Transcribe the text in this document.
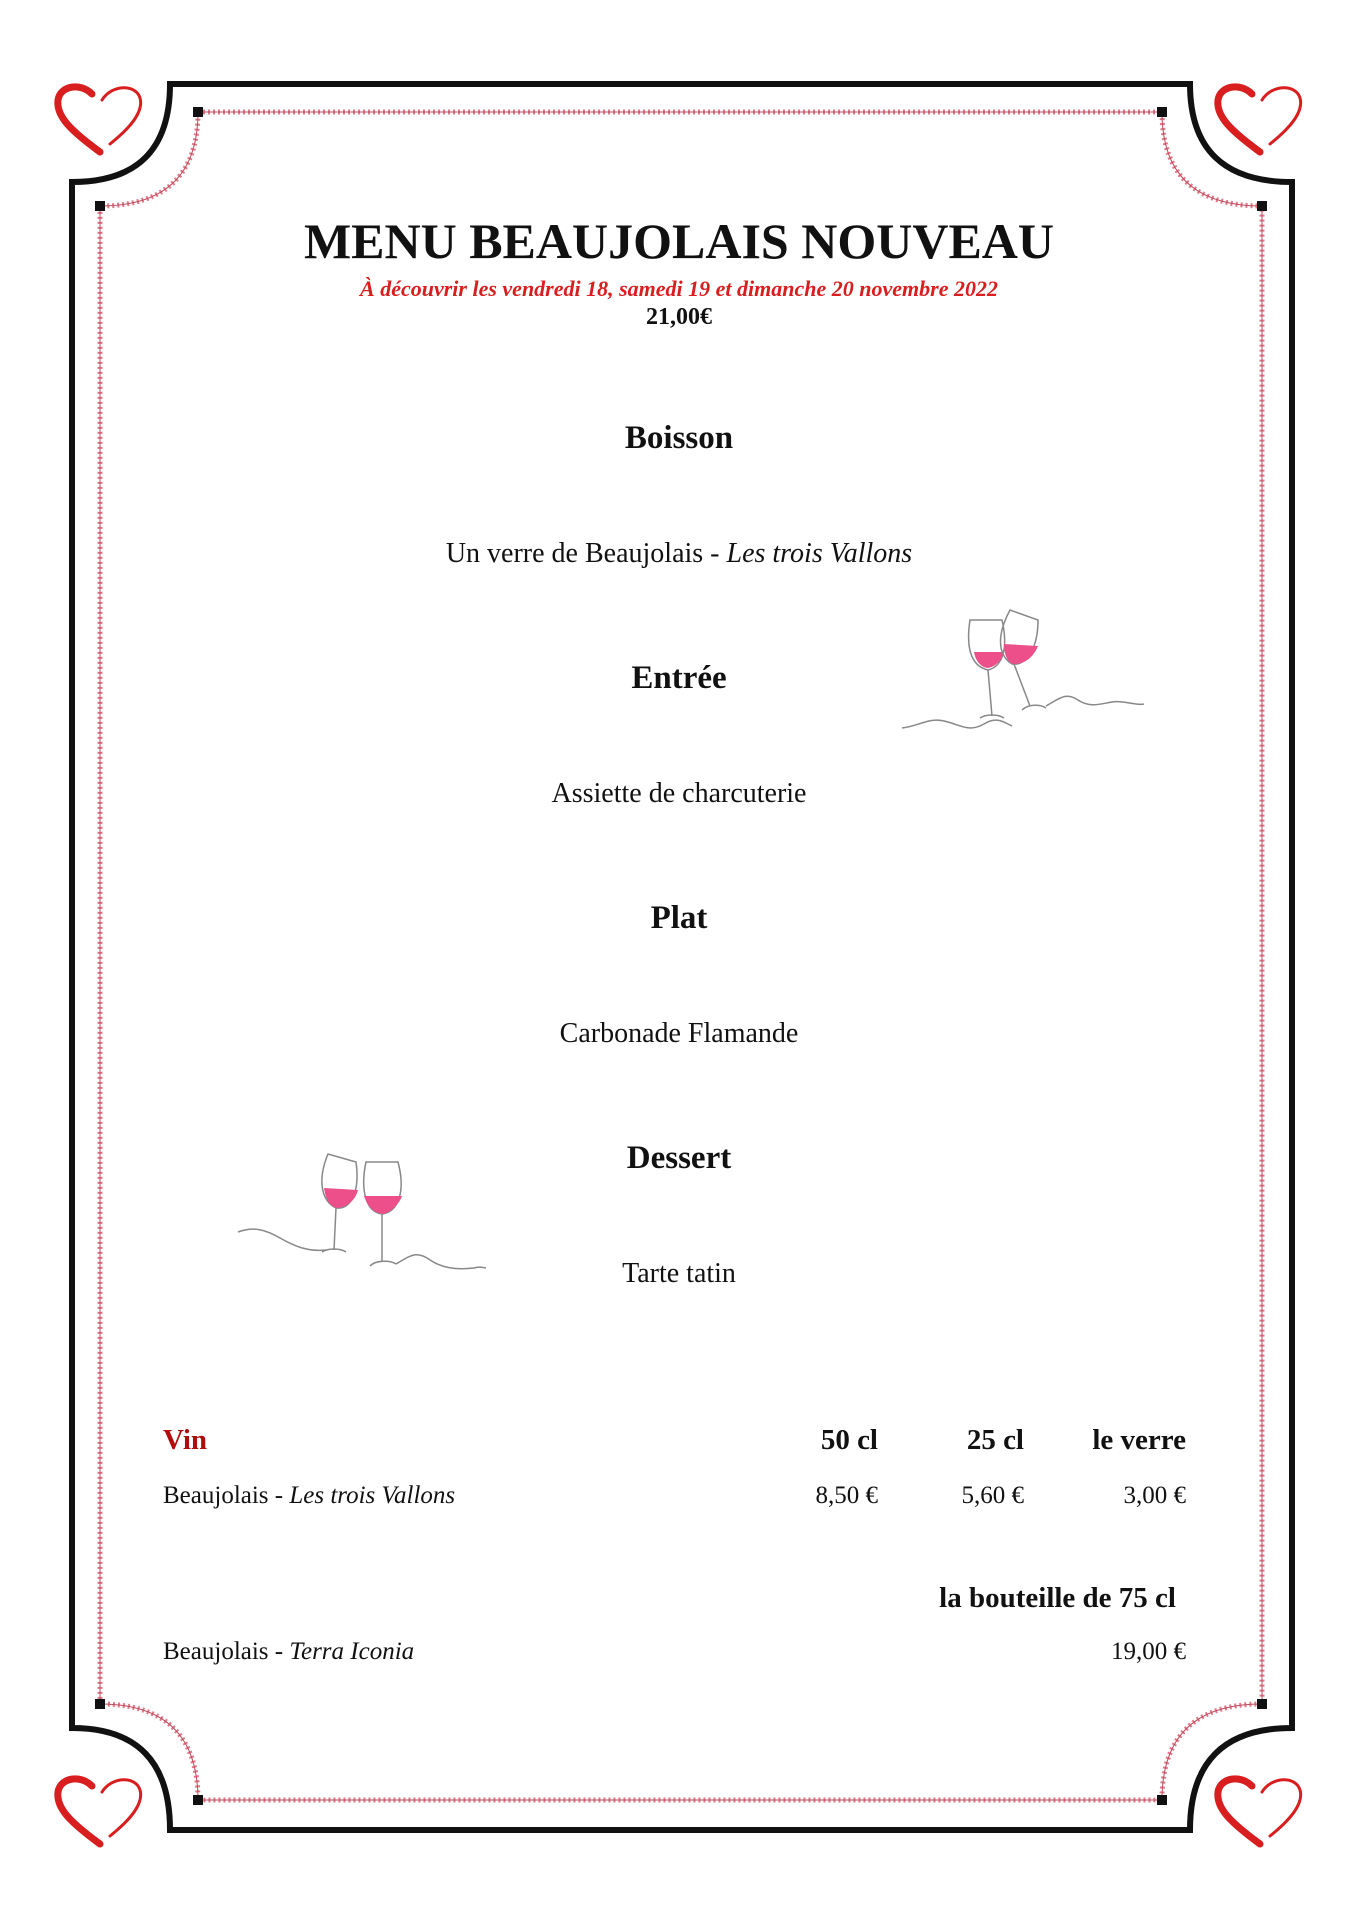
MENU BEAUJOLAIS NOUVEAU
À découvrir les vendredi 18, samedi 19 et dimanche 20 novembre 2022
21,00€
Boisson
Un verre de Beaujolais - Les trois Vallons
Entrée
Assiette de charcuterie
Plat
Carbonade Flamande
Dessert
Tarte tatin
Vin	50 cl	25 cl	le verre
Beaujolais - Les trois Vallons	8,50 €	5,60 €	3,00 €
la bouteille de 75 cl
Beaujolais - Terra Iconia	19,00 €
